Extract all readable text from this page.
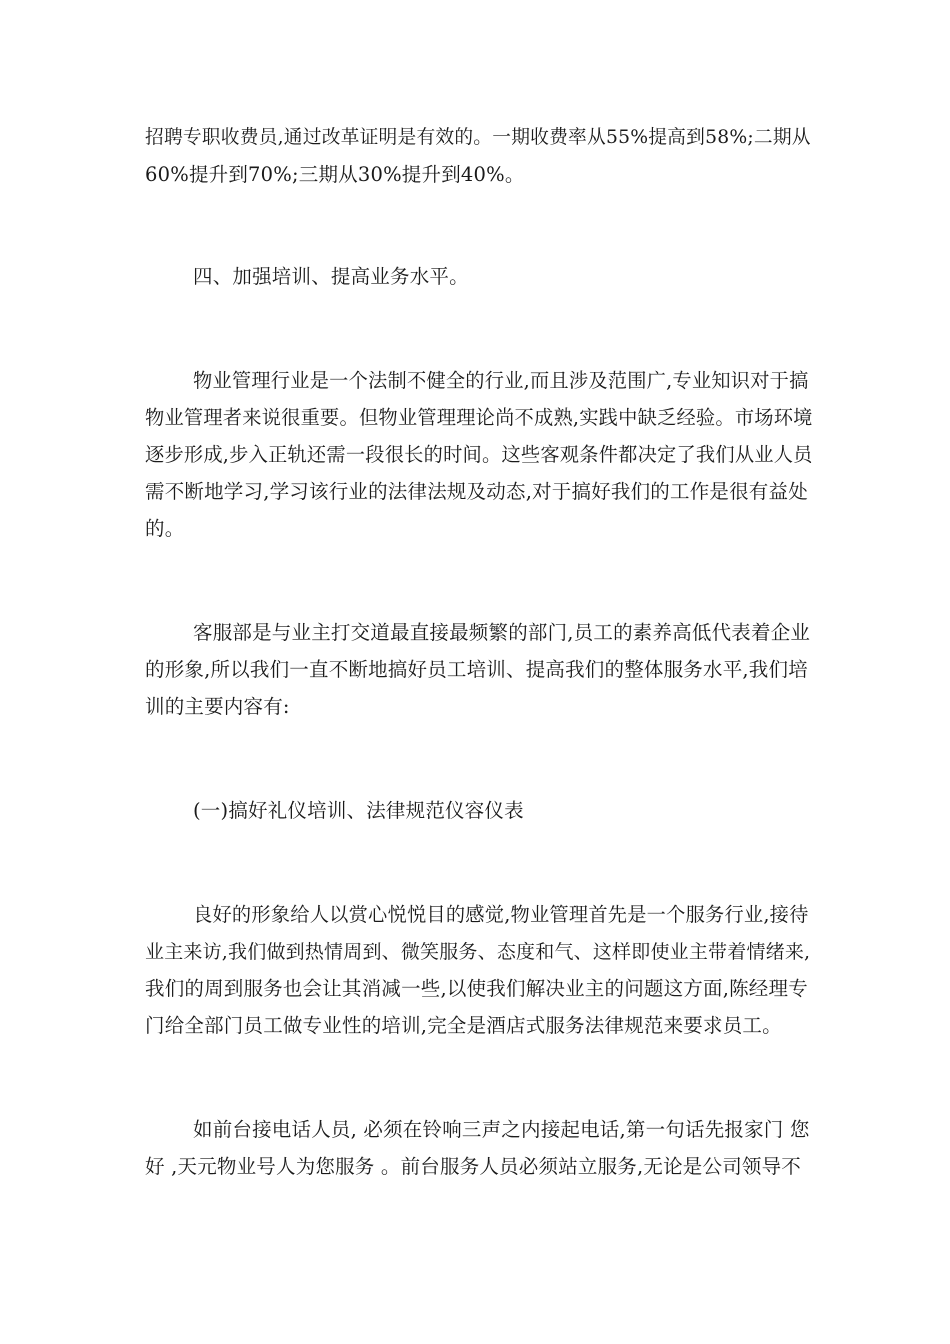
招聘专职收费员,通过改革证明是有效的。一期收费率从55%提高到58%;二期从
60%提升到70%;三期从30%提升到40%。
四、加强培训、提高业务水平。
物业管理行业是一个法制不健全的行业,而且涉及范围广,专业知识对于搞
物业管理者来说很重要。但物业管理理论尚不成熟,实践中缺乏经验。市场环境
逐步形成,步入正轨还需一段很长的时间。这些客观条件都决定了我们从业人员
需不断地学习,学习该行业的法律法规及动态,对于搞好我们的工作是很有益处
的。
客服部是与业主打交道最直接最频繁的部门,员工的素养高低代表着企业
的形象,所以我们一直不断地搞好员工培训、提高我们的整体服务水平,我们培
训的主要内容有:
(一)搞好礼仪培训、法律规范仪容仪表
良好的形象给人以赏心悦悦目的感觉,物业管理首先是一个服务行业,接待
业主来访,我们做到热情周到、微笑服务、态度和气、这样即使业主带着情绪来,
我们的周到服务也会让其消减一些,以使我们解决业主的问题这方面,陈经理专
门给全部门员工做专业性的培训,完全是酒店式服务法律规范来要求员工。
如前台接电话人员, 必须在铃响三声之内接起电话,第一句话先报家门 您
好 ,天元物业号人为您服务 。前台服务人员必须站立服务,无论是公司领导不
